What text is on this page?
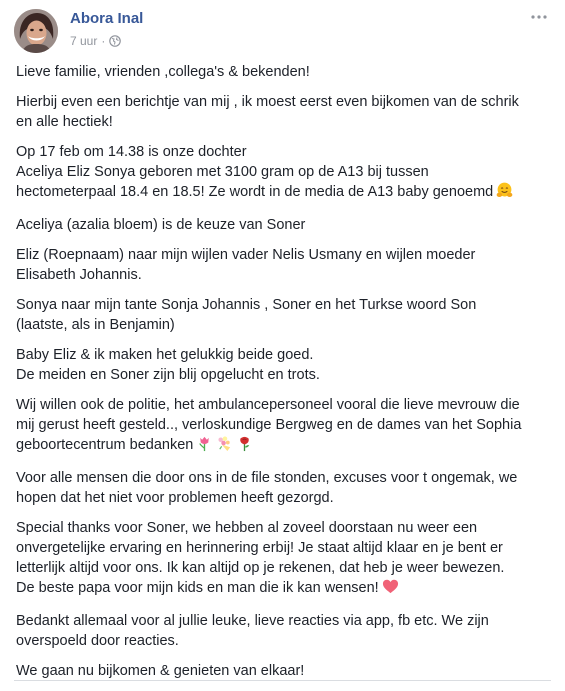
Abora Inal
7 uur ·

Lieve familie, vrienden ,collega's & bekenden!

Hierbij even een berichtje van mij , ik moest eerst even bijkomen van de schrik
en alle hectiek!

Op 17 feb om 14.38 is onze dochter
Aceliya Eliz Sonya geboren met 3100 gram op de A13 bij tussen
hectometerpaal 18.4 en 18.5! Ze wordt in de media de A13 baby genoemd

Aceliya (azalia bloem) is de keuze van Soner

Eliz (Roepnaam) naar mijn wijlen vader Nelis Usmany en wijlen moeder
Elisabeth Johannis.

Sonya naar mijn tante Sonja Johannis , Soner en het Turkse woord Son
(laatste, als in Benjamin)

Baby Eliz & ik maken het gelukkig beide goed.
De meiden en Soner zijn blij opgelucht en trots.

Wij willen ook de politie, het ambulancepersoneel vooral die lieve mevrouw die
mij gerust heeft gesteld.., verloskundige Bergweg en de dames van het Sophia
geboortecentrum bedanken

Voor alle mensen die door ons in de file stonden, excuses voor t ongemak, we
hopen dat het niet voor problemen heeft gezorgd.

Special thanks voor Soner, we hebben al zoveel doorstaan nu weer een
onvergetelijke ervaring en herinnering erbij! Je staat altijd klaar en je bent er
letterlijk altijd voor ons. Ik kan altijd op je rekenen, dat heb je weer bewezen.
De beste papa voor mijn kids en man die ik kan wensen!

Bedankt allemaal voor al jullie leuke, lieve reacties via app, fb etc. We zijn
overspoeld door reacties.

We gaan nu bijkomen & genieten van elkaar!
